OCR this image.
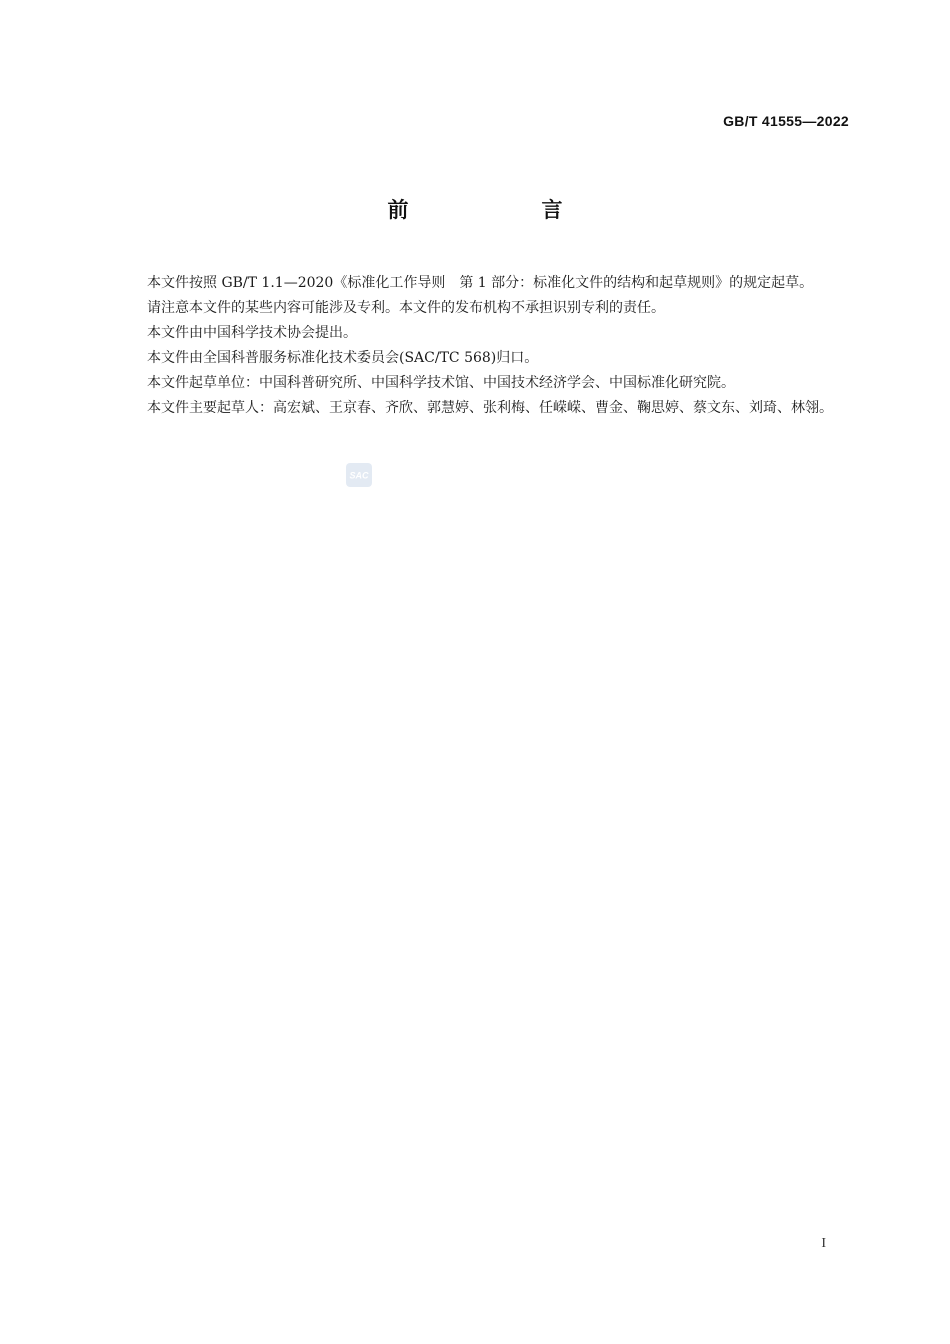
GB/T 41555—2022
前　言

本文件按照 GB/T 1.1—2020《标准化工作导则　第 1 部分：标准化文件的结构和起草规则》的规定起草。

请注意本文件的某些内容可能涉及专利。本文件的发布机构不承担识别专利的责任。

本文件由中国科学技术协会提出。

本文件由全国科普服务标准化技术委员会(SAC/TC 568)归口。

本文件起草单位：中国科普研究所、中国科学技术馆、中国技术经济学会、中国标准化研究院。

本文件主要起草人：高宏斌、王京春、齐欣、郭慧婷、张利梅、任嵘嵘、曹金、鞠思婷、蔡文东、刘琦、林翎。

SAC
I
